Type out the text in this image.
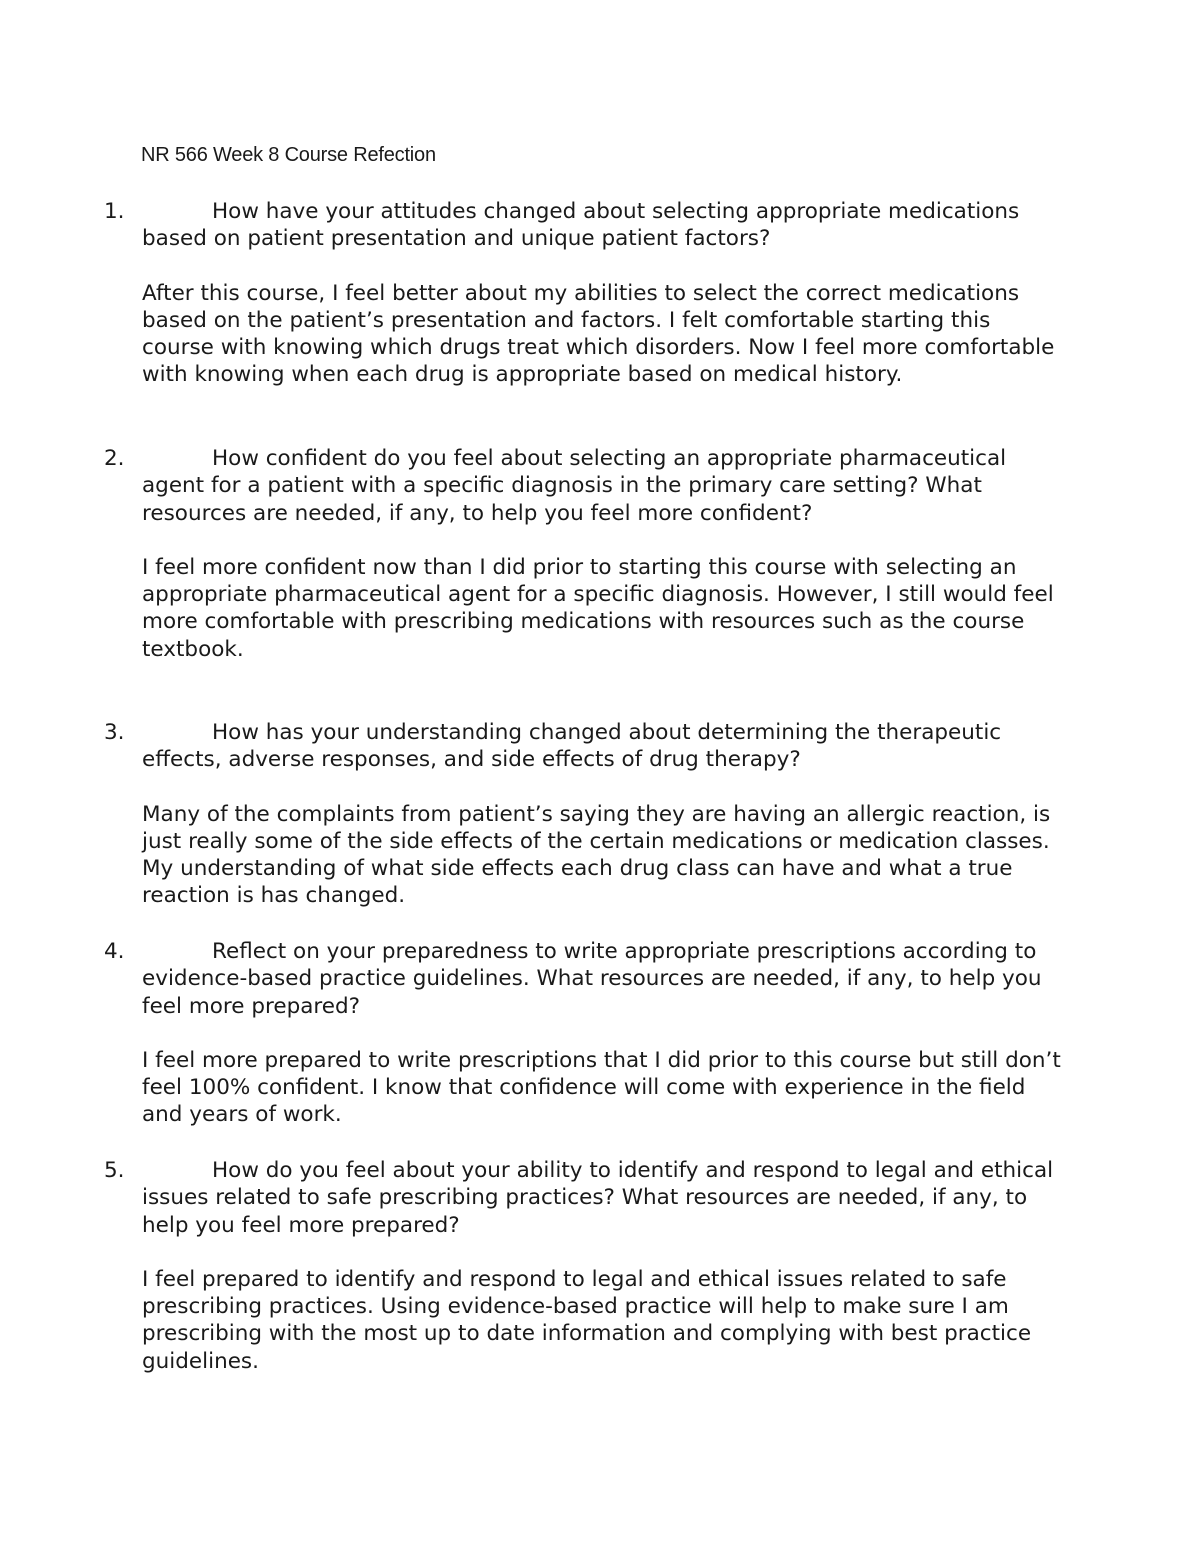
NR 566 Week 8 Course Refection

1.	How have your attitudes changed about selecting appropriate medications based on patient presentation and unique patient factors?

After this course, I feel better about my abilities to select the correct medications based on the patient’s presentation and factors. I felt comfortable starting this course with knowing which drugs treat which disorders. Now I feel more comfortable with knowing when each drug is appropriate based on medical history.

2.	How confident do you feel about selecting an appropriate pharmaceutical agent for a patient with a specific diagnosis in the primary care setting? What resources are needed, if any, to help you feel more confident?

I feel more confident now than I did prior to starting this course with selecting an appropriate pharmaceutical agent for a specific diagnosis. However, I still would feel more comfortable with prescribing medications with resources such as the course textbook.

3.	How has your understanding changed about determining the therapeutic effects, adverse responses, and side effects of drug therapy?

Many of the complaints from patient’s saying they are having an allergic reaction, is just really some of the side effects of the certain medications or medication classes. My understanding of what side effects each drug class can have and what a true reaction is has changed.

4.	Reflect on your preparedness to write appropriate prescriptions according to evidence-based practice guidelines. What resources are needed, if any, to help you feel more prepared?

I feel more prepared to write prescriptions that I did prior to this course but still don’t feel 100% confident. I know that confidence will come with experience in the field and years of work.

5.	How do you feel about your ability to identify and respond to legal and ethical issues related to safe prescribing practices? What resources are needed, if any, to help you feel more prepared?

I feel prepared to identify and respond to legal and ethical issues related to safe prescribing practices. Using evidence-based practice will help to make sure I am prescribing with the most up to date information and complying with best practice guidelines.
